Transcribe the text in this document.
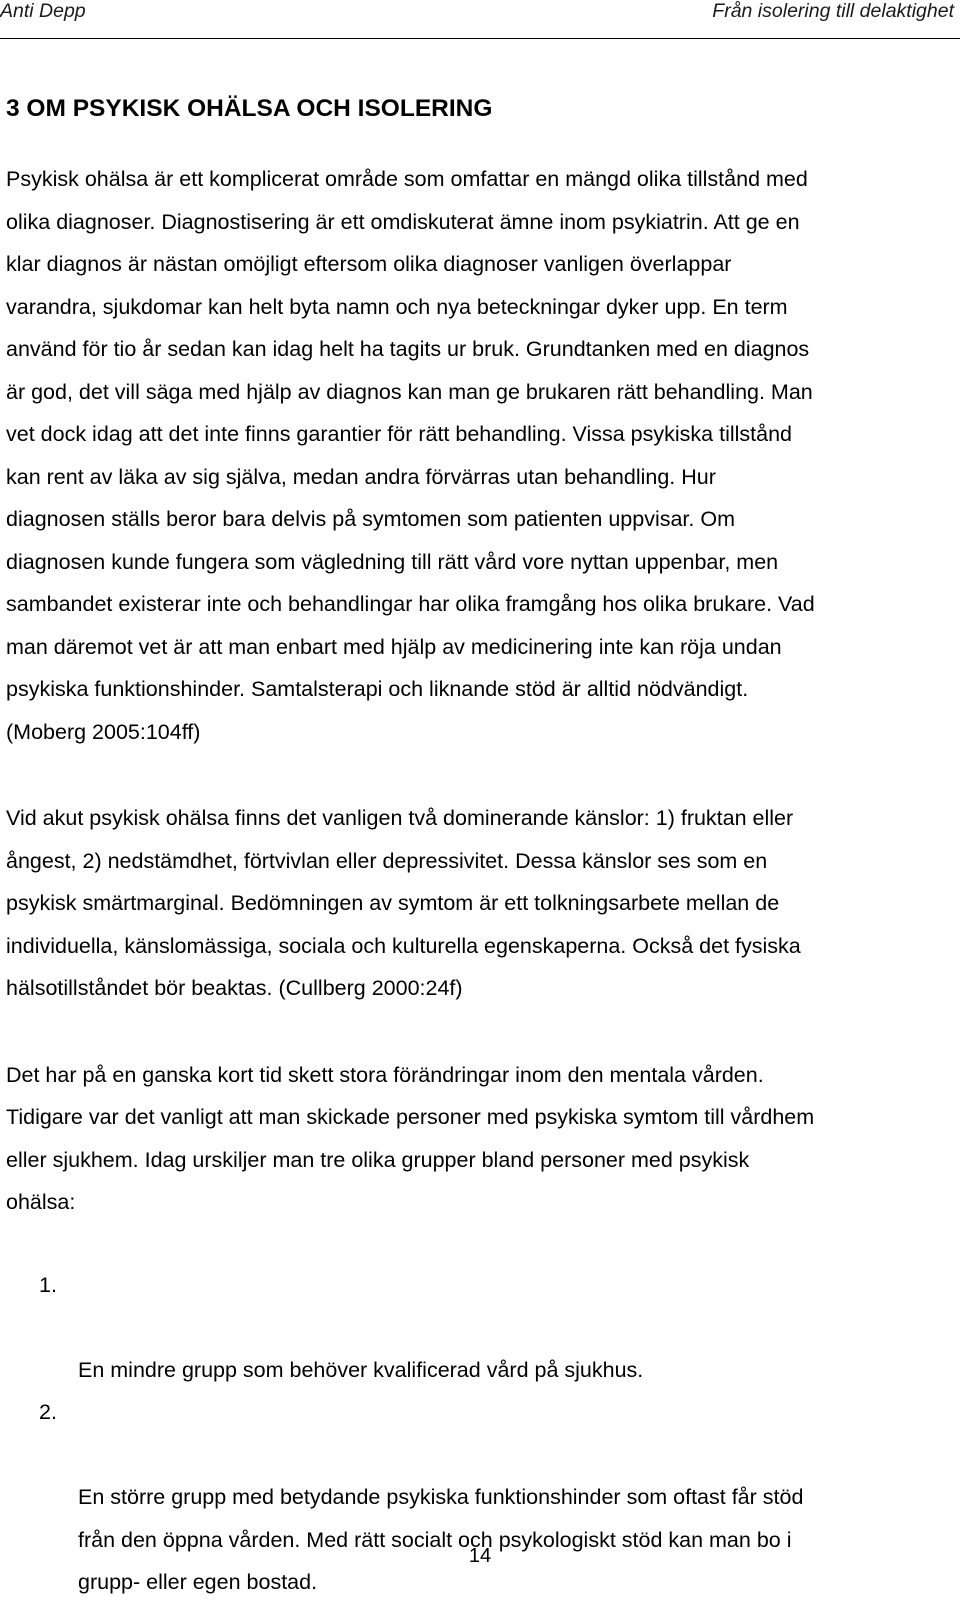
Anti Depp	Från isolering till delaktighet
3 OM PSYKISK OHÄLSA OCH ISOLERING

Psykisk ohälsa är ett komplicerat område som omfattar en mängd olika tillstånd med
olika diagnoser. Diagnostisering är ett omdiskuterat ämne inom psykiatrin. Att ge en
klar diagnos är nästan omöjligt eftersom olika diagnoser vanligen överlappar
varandra, sjukdomar kan helt byta namn och nya beteckningar dyker upp. En term
använd för tio år sedan kan idag helt ha tagits ur bruk. Grundtanken med en diagnos
är god, det vill säga med hjälp av diagnos kan man ge brukaren rätt behandling. Man
vet dock idag att det inte finns garantier för rätt behandling. Vissa psykiska tillstånd
kan rent av läka av sig själva, medan andra förvärras utan behandling. Hur
diagnosen ställs beror bara delvis på symtomen som patienten uppvisar. Om
diagnosen kunde fungera som vägledning till rätt vård vore nyttan uppenbar, men
sambandet existerar inte och behandlingar har olika framgång hos olika brukare. Vad
man däremot vet är att man enbart med hjälp av medicinering inte kan röja undan
psykiska funktionshinder. Samtalsterapi och liknande stöd är alltid nödvändigt.
(Moberg 2005:104ff)

Vid akut psykisk ohälsa finns det vanligen två dominerande känslor: 1) fruktan eller
ångest, 2) nedstämdhet, förtvivlan eller depressivitet. Dessa känslor ses som en
psykisk smärtmarginal. Bedömningen av symtom är ett tolkningsarbete mellan de
individuella, känslomässiga, sociala och kulturella egenskaperna. Också det fysiska
hälsotillståndet bör beaktas. (Cullberg 2000:24f)

Det har på en ganska kort tid skett stora förändringar inom den mentala vården.
Tidigare var det vanligt att man skickade personer med psykiska symtom till vårdhem
eller sjukhem. Idag urskiljer man tre olika grupper bland personer med psykisk
ohälsa:

1.

En mindre grupp som behöver kvalificerad vård på sjukhus.

2.

En större grupp med betydande psykiska funktionshinder som oftast får stöd
från den öppna vården. Med rätt socialt och psykologiskt stöd kan man bo i
grupp- eller egen bostad.

14
